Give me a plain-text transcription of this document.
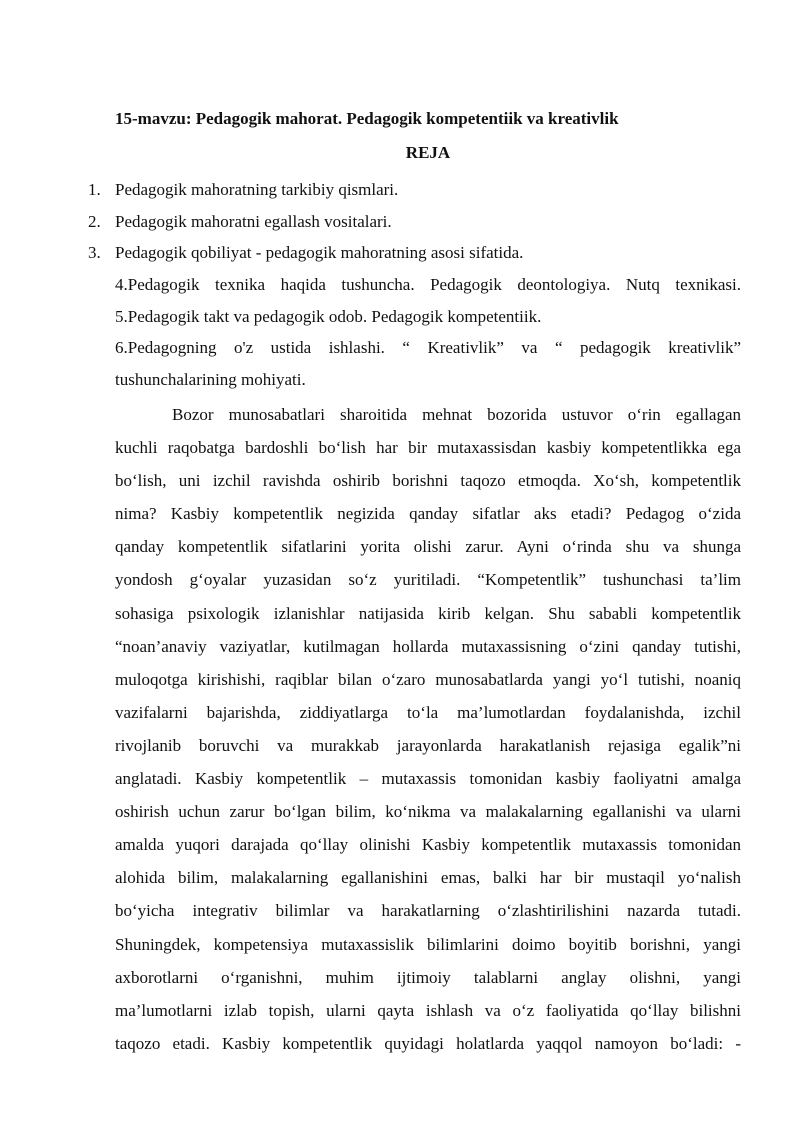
15-mavzu: Pedagogik mahorat. Pedagogik kompetentiik va kreativlik
REJA
1. Pedagogik mahoratning tarkibiy qismlari.
2. Pedagogik mahoratni egallash vositalari.
3. Pedagogik qobiliyat - pedagogik mahoratning asosi sifatida.
4.Pedagogik texnika haqida tushuncha. Pedagogik deontologiya. Nutq texnikasi.
5.Pedagogik takt va pedagogik odob. Pedagogik kompetentiik.
6.Pedagogning o'z ustida ishlashi. “ Kreativlik” va “ pedagogik kreativlik” tushunchalarining mohiyati.
Bozor munosabatlari sharoitida mehnat bozorida ustuvor o‘rin egallagan
kuchli raqobatga bardoshli bo‘lish har bir mutaxassisdan kasbiy kompetentlikka ega
bo‘lish, uni izchil ravishda oshirib borishni taqozo etmoqda. Xo‘sh, kompetentlik
nima? Kasbiy kompetentlik negizida qanday sifatlar aks etadi? Pedagog o‘zida
qanday kompetentlik sifatlarini yorita olishi zarur. Ayni o‘rinda shu va shunga
yondosh g‘oyalar yuzasidan so‘z yuritiladi. “Kompetentlik” tushunchasi ta’lim
sohasiga psixologik izlanishlar natijasida kirib kelgan. Shu sababli kompetentlik
“noan’anaviy vaziyatlar, kutilmagan hollarda mutaxassisning o‘zini qanday tutishi,
muloqotga kirishishi, raqiblar bilan o‘zaro munosabatlarda yangi yo‘l tutishi, noaniq
vazifalarni bajarishda, ziddiyatlarga to‘la ma’lumotlardan foydalanishda, izchil
rivojlanib boruvchi va murakkab jarayonlarda harakatlanish rejasiga egalik”ni
anglatadi. Kasbiy kompetentlik – mutaxassis tomonidan kasbiy faoliyatni amalga
oshirish uchun zarur bo‘lgan bilim, ko‘nikma va malakalarning egallanishi va ularni
amalda yuqori darajada qo‘llay olinishi Kasbiy kompetentlik mutaxassis tomonidan
alohida bilim, malakalarning egallanishini emas, balki har bir mustaqil yo‘nalish
bo‘yicha integrativ bilimlar va harakatlarning o‘zlashtirilishini nazarda tutadi.
Shuningdek, kompetensiya mutaxassislik bilimlarini doimo boyitib borishni, yangi
axborotlarni o‘rganishni, muhim ijtimoiy talablarni anglay olishni, yangi
ma’lumotlarni izlab topish, ularni qayta ishlash va o‘z faoliyatida qo‘llay bilishni
taqozo etadi. Kasbiy kompetentlik quyidagi holatlarda yaqqol namoyon bo‘ladi: -
